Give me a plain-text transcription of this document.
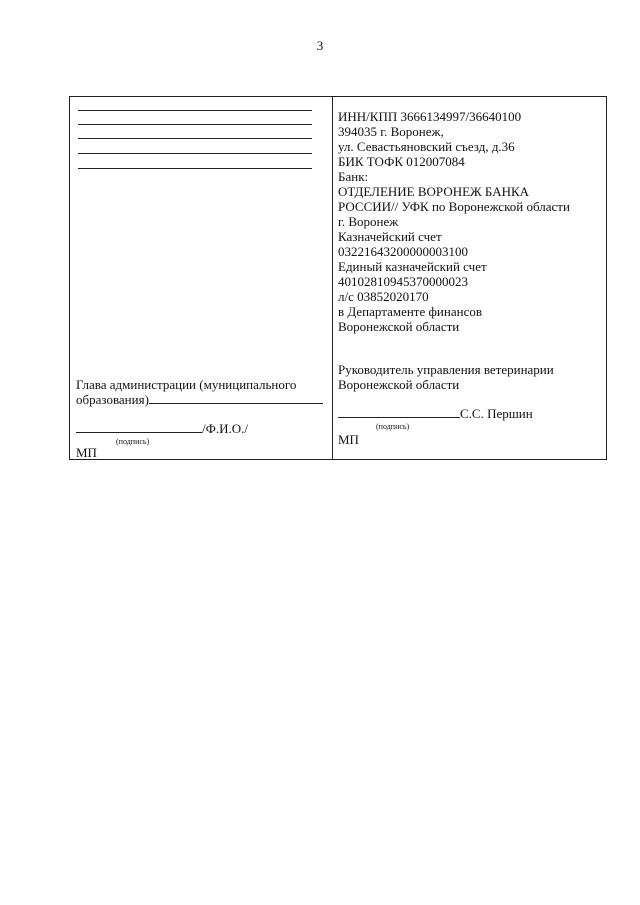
3
Глава администрации (муниципального
образования)
/Ф.И.О./
(подпись)
МП
ИНН/КПП 3666134997/36640100
394035 г. Воронеж,
ул. Севастьяновский съезд, д.36
БИК ТОФК 012007084
Банк:
ОТДЕЛЕНИЕ ВОРОНЕЖ БАНКА
РОССИИ// УФК по Воронежской области
г. Воронеж
Казначейский счет
03221643200000003100
Единый казначейский счет
40102810945370000023
л/с 03852020170
в Департаменте финансов
Воронежской области
Руководитель управления ветеринарии
Воронежской области
С.С. Першин
(подпись)
МП
